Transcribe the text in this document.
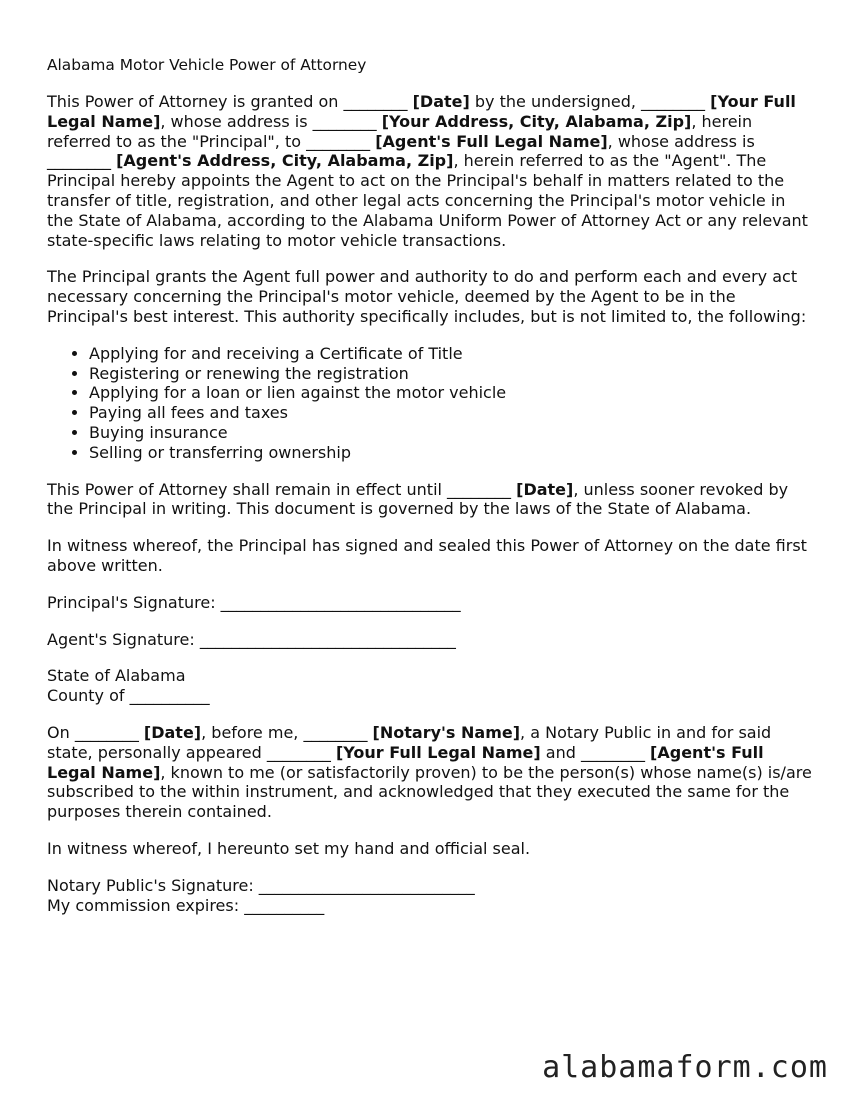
Alabama Motor Vehicle Power of Attorney

This Power of Attorney is granted on ________ [Date] by the undersigned, ________ [Your Full Legal Name], whose address is ________ [Your Address, City, Alabama, Zip], herein referred to as the "Principal", to ________ [Agent's Full Legal Name], whose address is ________ [Agent's Address, City, Alabama, Zip], herein referred to as the "Agent". The Principal hereby appoints the Agent to act on the Principal's behalf in matters related to the transfer of title, registration, and other legal acts concerning the Principal's motor vehicle in the State of Alabama, according to the Alabama Uniform Power of Attorney Act or any relevant state-specific laws relating to motor vehicle transactions.

The Principal grants the Agent full power and authority to do and perform each and every act necessary concerning the Principal's motor vehicle, deemed by the Agent to be in the Principal's best interest. This authority specifically includes, but is not limited to, the following:

• Applying for and receiving a Certificate of Title
• Registering or renewing the registration
• Applying for a loan or lien against the motor vehicle
• Paying all fees and taxes
• Buying insurance
• Selling or transferring ownership

This Power of Attorney shall remain in effect until ________ [Date], unless sooner revoked by the Principal in writing. This document is governed by the laws of the State of Alabama.

In witness whereof, the Principal has signed and sealed this Power of Attorney on the date first above written.

Principal's Signature: ______________________________

Agent's Signature: ________________________________

State of Alabama
County of __________

On ________ [Date], before me, ________ [Notary's Name], a Notary Public in and for said state, personally appeared ________ [Your Full Legal Name] and ________ [Agent's Full Legal Name], known to me (or satisfactorily proven) to be the person(s) whose name(s) is/are subscribed to the within instrument, and acknowledged that they executed the same for the purposes therein contained.

In witness whereof, I hereunto set my hand and official seal.

Notary Public's Signature: ___________________________
My commission expires: __________

alabamaform.com
